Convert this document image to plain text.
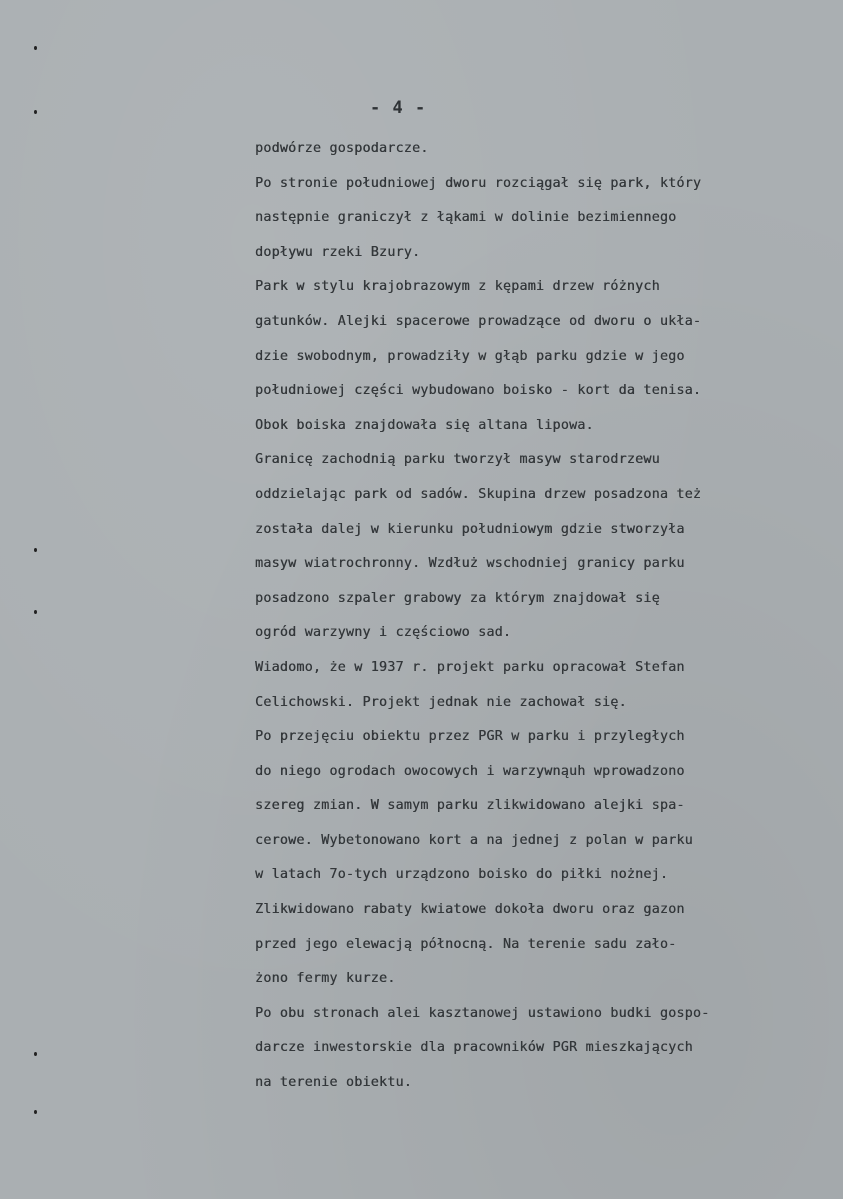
- 4 -
podwórze gospodarcze.
Po stronie południowej dworu rozciągał się park, który
następnie graniczył z łąkami w dolinie bezimiennego
dopływu rzeki Bzury.
Park w stylu krajobrazowym z kępami drzew różnych
gatunków. Alejki spacerowe prowadzące od dworu o ukła-
dzie swobodnym, prowadziły w głąb parku gdzie w jego
południowej części wybudowano boisko - kort da tenisa.
Obok boiska znajdowała się altana lipowa.
Granicę zachodnią parku tworzył masyw starodrzewu
oddzielając park od sadów. Skupina drzew posadzona też
została dalej w kierunku południowym gdzie stworzyła
masyw wiatrochronny. Wzdłuż wschodniej granicy parku
posadzono szpaler grabowy za którym znajdował się
ogród warzywny i częściowo sad.
Wiadomo, że w 1937 r. projekt parku opracował Stefan
Celichowski. Projekt jednak nie zachował się.
Po przejęciu obiektu przez PGR w parku i przyległych
do niego ogrodach owocowych i warzywnąuh wprowadzono
szereg zmian. W samym parku zlikwidowano alejki spa-
cerowe. Wybetonowano kort a na jednej z polan w parku
w latach 7o-tych urządzono boisko do piłki nożnej.
Zlikwidowano rabaty kwiatowe dokoła dworu oraz gazon
przed jego elewacją północną. Na terenie sadu zało-
żono fermy kurze.
Po obu stronach alei kasztanowej ustawiono budki gospo-
darcze inwestorskie dla pracowników PGR mieszkających
na terenie obiektu.
